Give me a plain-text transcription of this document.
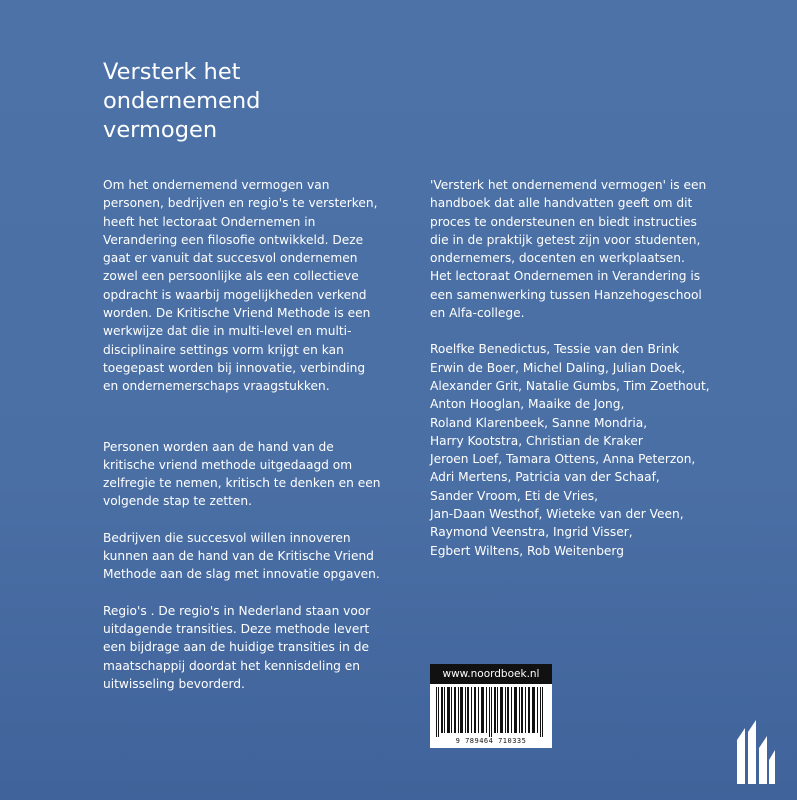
Versterk het
ondernemend
vermogen

Om het ondernemend vermogen van
personen, bedrijven en regio's te versterken,
heeft het lectoraat Ondernemen in
Verandering een filosofie ontwikkeld. Deze
gaat er vanuit dat succesvol ondernemen
zowel een persoonlijke als een collectieve
opdracht is waarbij mogelijkheden verkend
worden. De Kritische Vriend Methode is een
werkwijze dat die in multi-level en multi-
disciplinaire settings vorm krijgt en kan
toegepast worden bij innovatie, verbinding
en ondernemerschaps vraagstukken.

Personen worden aan de hand van de
kritische vriend methode uitgedaagd om
zelfregie te nemen, kritisch te denken en een
volgende stap te zetten.

Bedrijven die succesvol willen innoveren
kunnen aan de hand van de Kritische Vriend
Methode aan de slag met innovatie opgaven.

Regio's . De regio's in Nederland staan voor
uitdagende transities. Deze methode levert
een bijdrage aan de huidige transities in de
maatschappij doordat het kennisdeling en
uitwisseling bevorderd.

'Versterk het ondernemend vermogen' is een
handboek dat alle handvatten geeft om dit
proces te ondersteunen en biedt instructies
die in de praktijk getest zijn voor studenten,
ondernemers, docenten en werkplaatsen.
Het lectoraat Ondernemen in Verandering is
een samenwerking tussen Hanzehogeschool
en Alfa-college.

Roelfke Benedictus, Tessie van den Brink
Erwin de Boer, Michel Daling, Julian Doek,
Alexander Grit, Natalie Gumbs, Tim Zoethout,
Anton Hooglan, Maaike de Jong,
Roland Klarenbeek, Sanne Mondria,
Harry Kootstra, Christian de Kraker
Jeroen Loef, Tamara Ottens, Anna Peterzon,
Adri Mertens, Patricia van der Schaaf,
Sander Vroom, Eti de Vries,
Jan-Daan Westhof, Wieteke van der Veen,
Raymond Veenstra, Ingrid Visser,
Egbert Wiltens, Rob Weitenberg

www.noordboek.nl
9 789464 710335
